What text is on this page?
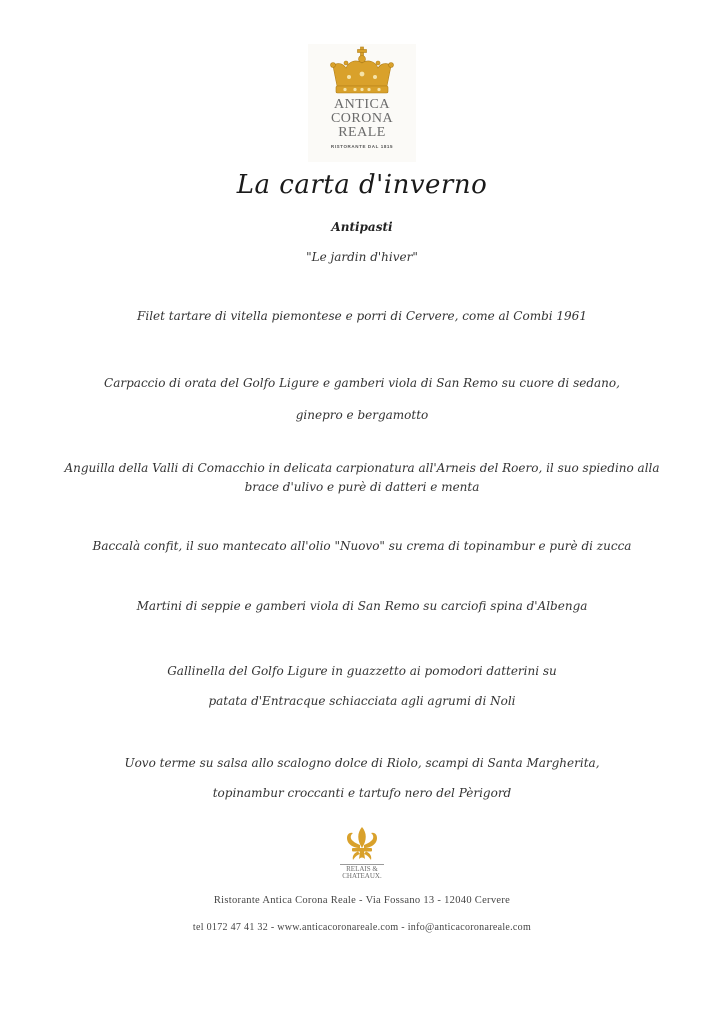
ANTICA
CORONA
REALE
RISTORANTE DAL 1815
La carta d'inverno
Antipasti
"Le jardin d'hiver"
Filet tartare di vitella piemontese e porri di Cervere, come al Combi 1961
Carpaccio di orata del Golfo Ligure e gamberi viola di San Remo su cuore di sedano,
ginepro e bergamotto
Anguilla della Valli di Comacchio in delicata carpionatura all'Arneis del Roero, il suo spiedino alla
brace d'ulivo e purè di datteri e menta
Baccalà confit, il suo mantecato all'olio "Nuovo" su crema di topinambur e purè di zucca
Martini di seppie e gamberi viola di San Remo su carciofi spina d'Albenga
Gallinella del Golfo Ligure in guazzetto ai pomodori datterini su
patata d'Entracque schiacciata agli agrumi di Noli
Uovo terme su salsa allo scalogno dolce di Riolo, scampi di Santa Margherita,
topinambur croccanti e tartufo nero del Pèrigord
RELAIS &
CHATEAUX.
Ristorante Antica Corona Reale - Via Fossano 13 - 12040 Cervere
tel 0172 47 41 32 - www.anticacoronareale.com - info@anticacoronareale.com
